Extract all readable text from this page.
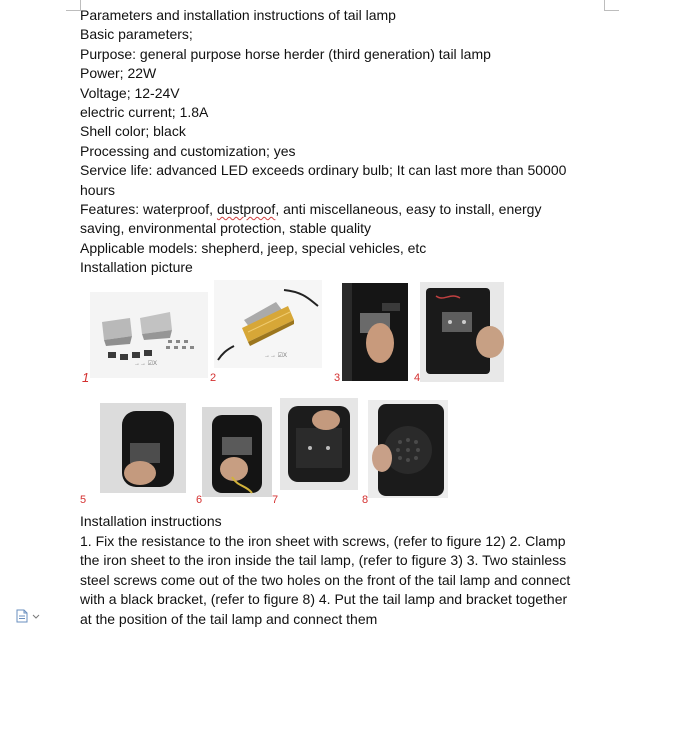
Parameters and installation instructions of tail lamp
Basic parameters;
Purpose: general purpose horse herder (third generation) tail lamp
Power; 22W
Voltage; 12-24V
electric current; 1.8A
Shell color; black
Processing and customization; yes
Service life: advanced LED exceeds ordinary bulb; It can last more than 50000
hours
Features: waterproof, dustproof, anti miscellaneous, easy to install, energy
saving, environmental protection, stable quality
Applicable models: shepherd, jeep, special vehicles, etc
Installation picture
→→ ☑X
1
→→ ☑X
2	3	4
5	6	7	8
Installation instructions
1. Fix the resistance to the iron sheet with screws, (refer to figure 12) 2. Clamp
the iron sheet to the iron inside the tail lamp, (refer to figure 3) 3. Two stainless
steel screws come out of the two holes on the front of the tail lamp and connect
with a black bracket, (refer to figure 8) 4. Put the tail lamp and bracket together
at the position of the tail lamp and connect them
